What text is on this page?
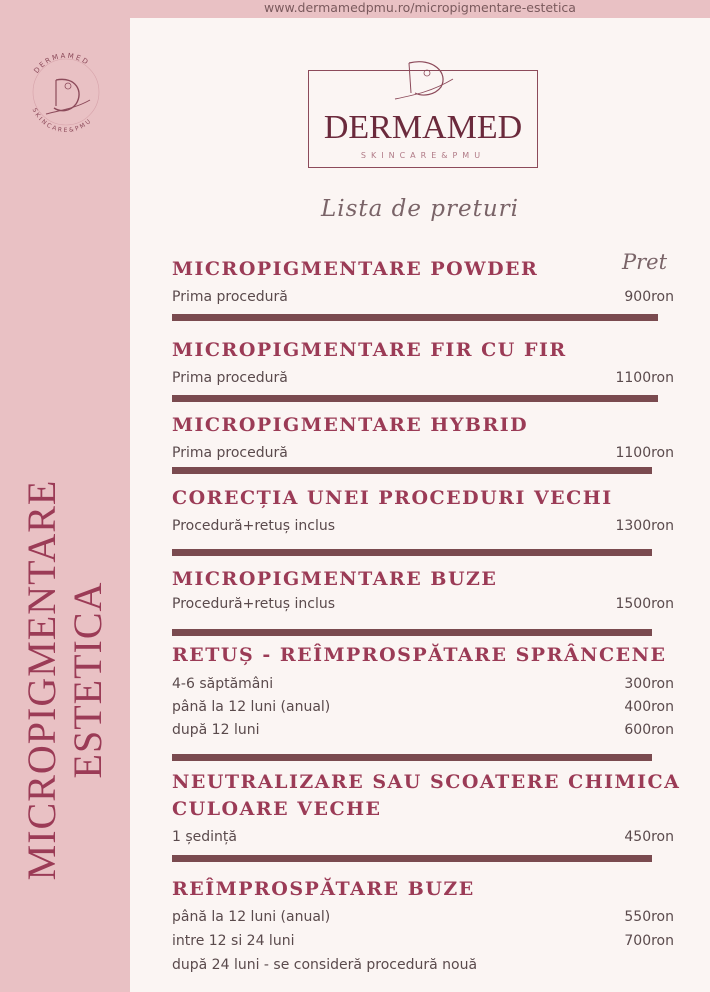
DERMAMED
SKINCARE&PMU
MICROPIGMENTARE ESTETICA
www.dermamedpmu.ro/micropigmentare-estetica
DERMAMED
SKINCARE&PMU
Lista de preturi
Pret
MICROPIGMENTARE POWDER
Prima procedură	900ron
MICROPIGMENTARE FIR CU FIR
Prima procedură	1100ron
MICROPIGMENTARE HYBRID
Prima procedură	1100ron
CORECȚIA UNEI PROCEDURI VECHI
Procedură+retuș inclus	1300ron
MICROPIGMENTARE BUZE
Procedură+retuș inclus	1500ron
RETUȘ - REÎMPROSPĂTARE SPRÂNCENE
4-6 săptămâni	300ron
până la 12 luni (anual)	400ron
după 12 luni	600ron
NEUTRALIZARE SAU SCOATERE CHIMICA
CULOARE VECHE
1 ședință	450ron
REÎMPROSPĂTARE BUZE
până la 12 luni (anual)	550ron
intre 12 si 24 luni	700ron
după 24 luni - se consideră procedură nouă
